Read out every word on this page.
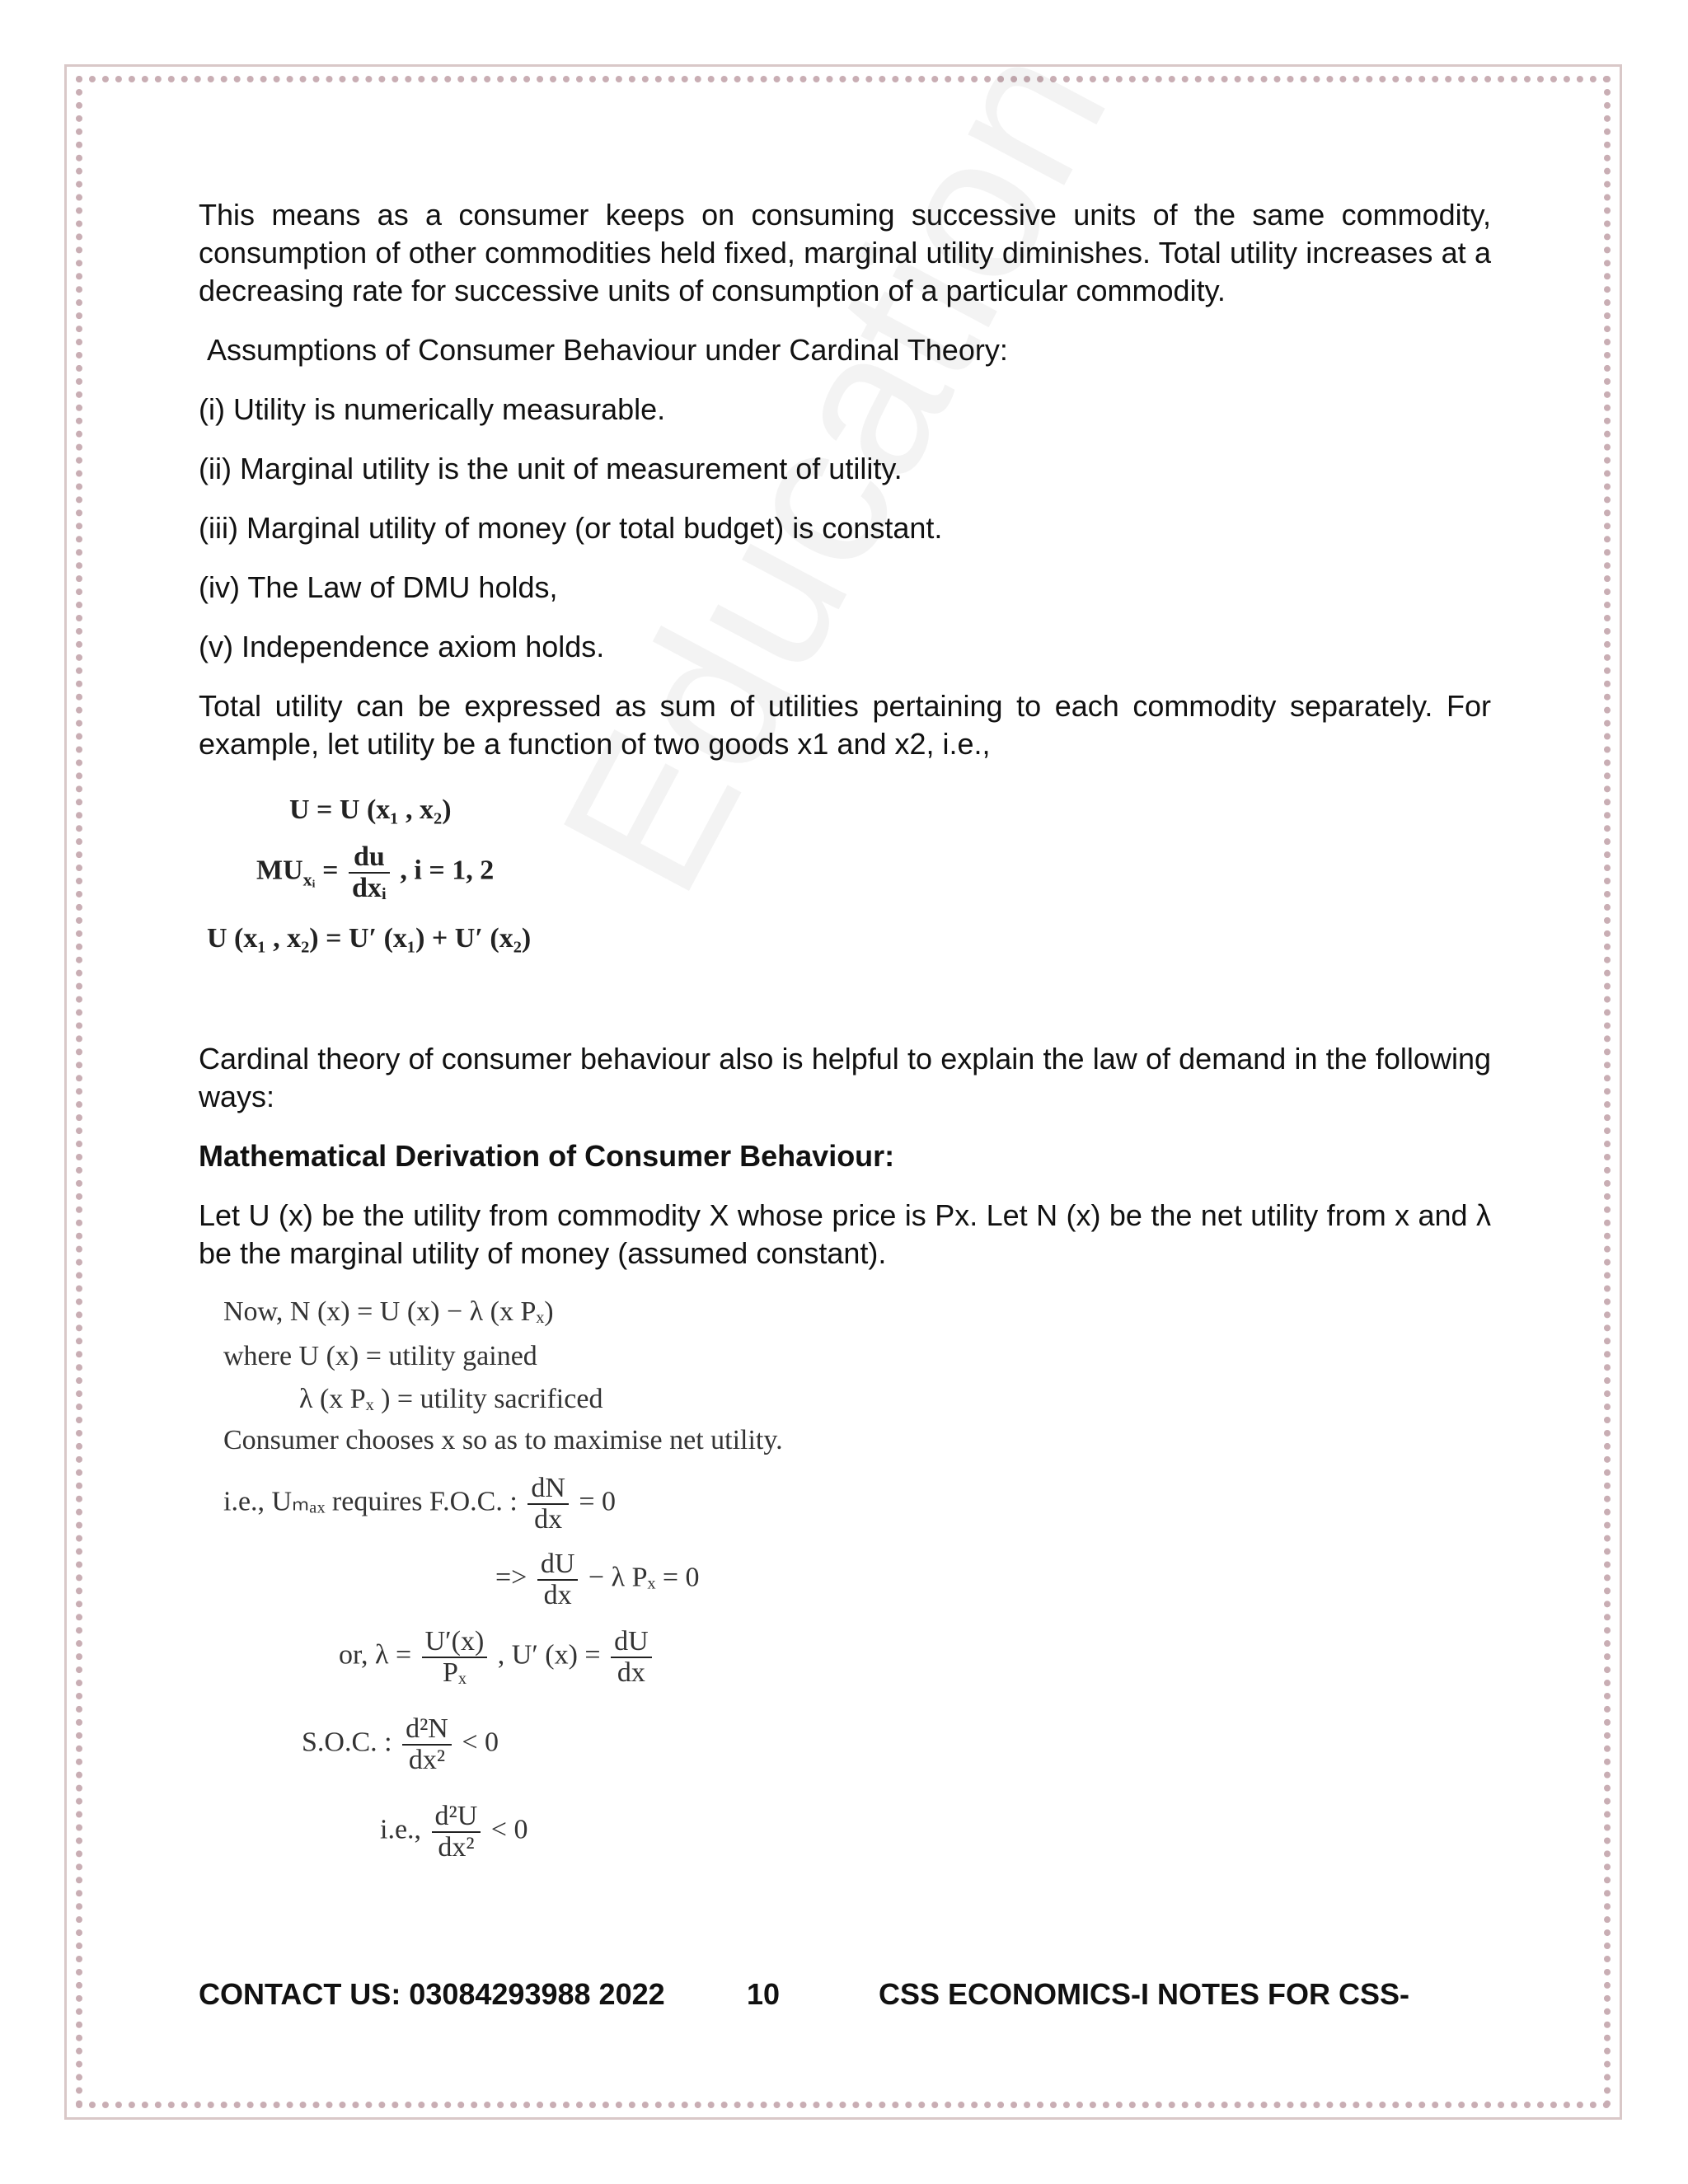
This means as a consumer keeps on consuming successive units of the same commodity, consumption of other commodities held fixed, marginal utility diminishes. Total utility increases at a decreasing rate for successive units of consumption of a particular commodity.

Assumptions of Consumer Behaviour under Cardinal Theory:

(i) Utility is numerically measurable.

(ii) Marginal utility is the unit of measurement of utility.

(iii) Marginal utility of money (or total budget) is constant.

(iv) The Law of DMU holds,

(v) Independence axiom holds.

Total utility can be expressed as sum of utilities pertaining to each commodity separately. For example, let utility be a function of two goods x1 and x2, i.e.,

U = U (x₁ , x₂)
$MU_{xᵢ} = \frac{du}{\text{dxᵢ}}$ , i = 1, 2
U (x₁ , x₂) = U′ (x₁) + U′ (x₂)

Cardinal theory of consumer behaviour also is helpful to explain the law of demand in the following ways:

Mathematical Derivation of Consumer Behaviour:

Let U (x) be the utility from commodity X whose price is Px. Let N (x) be the net utility from x and λ be the marginal utility of money (assumed constant).

Now, N (x) = U (x) − λ (x Pₓ)
where U (x) = utility gained
λ (x Pₓ ) = utility sacrificed
Consumer chooses x so as to maximise net utility.
i.e., Uₘₐₓ requires F.O.C. : $\frac{dN}{dx} = 0$
=> $\frac{dU}{dx} - \lambda$ Pₓ = 0
or, $\lambda = \frac{U'(x)}{\text{Pₓ}}$ , U′ $(x) = \frac{dU}{dx}$
S.O.C. : $\frac{\text{d²N}}{\text{dx²}} < 0$
i.e., $\frac{\text{d²U}}{\text{dx²}} < 0$
CONTACT US: 03084293988 2022	10	CSS ECONOMICS-I NOTES FOR CSS-
